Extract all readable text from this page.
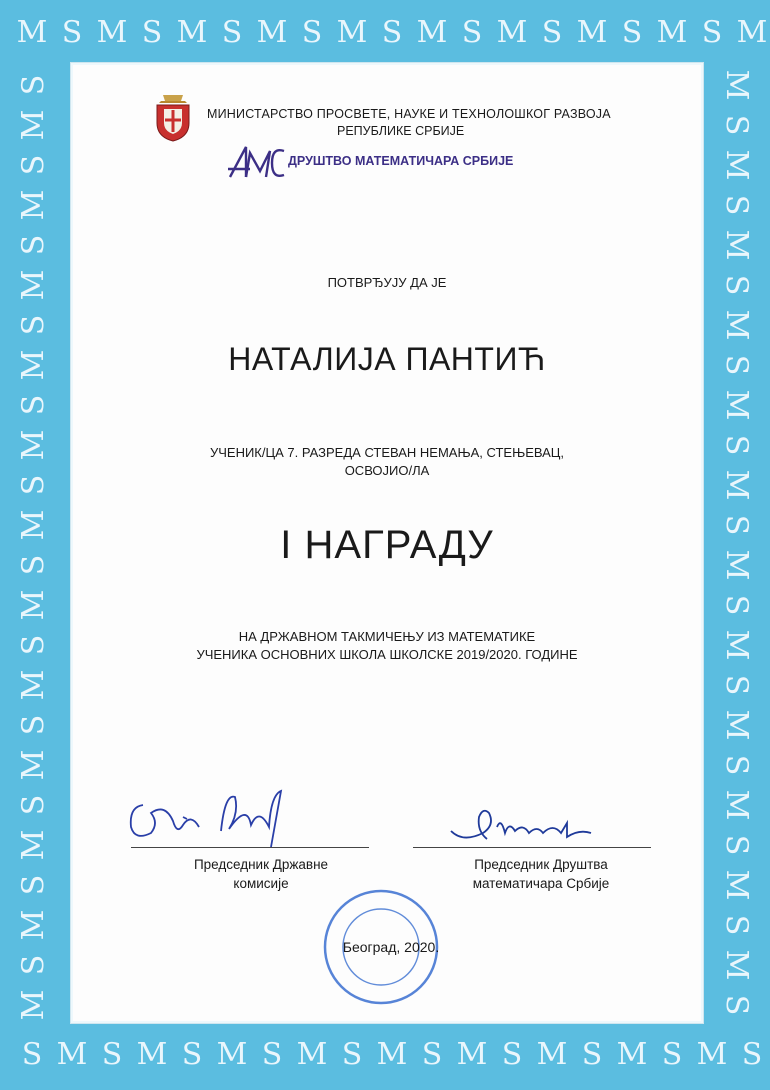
M
Ѕ
Ѕ
M
M
Ѕ
Ѕ
M
M
Ѕ
Ѕ
M
M
Ѕ
Ѕ
M
M
Ѕ
Ѕ
M
M
Ѕ
Ѕ
M
M
Ѕ
Ѕ
M
M
Ѕ
Ѕ
M
M
Ѕ
Ѕ
M
M
Ѕ
Ѕ	M
M	Ѕ
Ѕ	M
M	Ѕ
Ѕ	M
M	Ѕ
Ѕ	M
M	Ѕ
Ѕ	M
M	Ѕ
Ѕ	M
M	Ѕ
Ѕ	M
M	Ѕ
Ѕ	M
M	Ѕ
Ѕ	M
M	Ѕ
Ѕ	M
M	Ѕ
Ѕ	M
M	Ѕ
Ѕ	M
M	Ѕ
МИНИСТАРСТВО ПРОСВЕТЕ, НАУКЕ И ТЕХНОЛОШКОГ РАЗВОЈА
РЕПУБЛИКЕ СРБИЈЕ
ДРУШТВО МАТЕМАТИЧАРА СРБИЈЕ
ПОТВРЂУЈУ ДА ЈЕ
НАТАЛИЈА ПАНТИЋ
УЧЕНИК/ЦА 7. РАЗРЕДА СТЕВАН НЕМАЊА, СТЕЊЕВАЦ,
ОСВОЈИО/ЛА
I НАГРАДУ
НА ДРЖАВНОМ ТАКМИЧЕЊУ ИЗ МАТЕМАТИКЕ
УЧЕНИКА ОСНОВНИХ ШКОЛА ШКОЛСКЕ 2019/2020. ГОДИНЕ
Председник Државне
комисије
Председник Друштва
математичара Србије
Београд, 2020.
